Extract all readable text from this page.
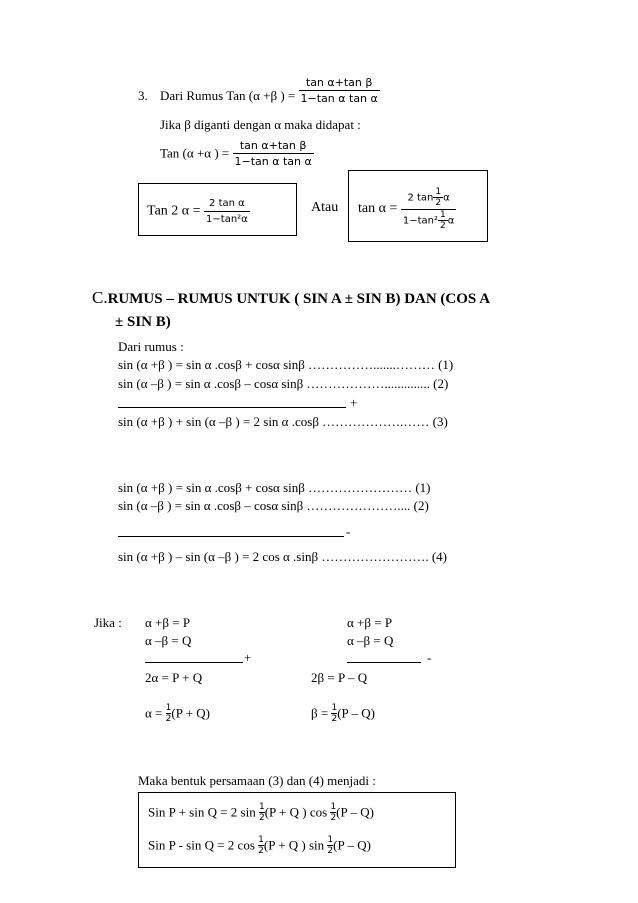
3. Dari Rumus Tan (α +β ) = $\frac{\text{tan α+tan β}}{\text{1−tan α tan α}}$
Jika β diganti dengan α maka didapat :
Tan (α +α ) = $\frac{\text{tan α+tan β}}{\text{1−tan α tan α}}$
Tan 2 $\alpha = \frac{\text{2 tan α}}{\text{1−tan²α}}$	Atau $\tan \alpha = \frac{2 \tan \frac{1}{2} \alpha}{1-\tan^2 \frac{1}{2} \alpha}$
C.RUMUS – RUMUS UNTUK ( SIN A ± SIN B) DAN (COS A
± SIN B)
Dari rumus :
sin (α +β ) = sin α .cosβ + cosα sinβ …………….......……… (1)
sin (α –β ) = sin α .cosβ – cosα sinβ ……………….............. (2)
+
sin (α +β ) + sin (α –β ) = 2 sin α .cosβ ……………….…… (3)
sin (α +β ) = sin α .cosβ + cosα sinβ …………………… (1)
sin (α –β ) = sin α .cosβ – cosα sinβ ………………….... (2)
-
sin (α +β ) – sin (α –β ) = 2 cos α .sinβ ……………………. (4)
Jika : α +β = P
α –β = Q
+
2α = P + Q
$\alpha = \frac{1}{2} (P + Q)$
α +β = P
α –β = Q
-
2β = P – Q
$\beta = \frac{1}{2} (P - Q)$
Maka bentuk persamaan (3) dan (4) menjadi :
Sin P + sin Q = 2 $\sin \frac{1}{2} (P + Q$ ) $\cos \frac{1}{2} (P - Q)$
Sin P - sin Q = 2 $\cos \frac{1}{2} (P + Q$ ) $\sin \frac{1}{2} (P - Q)$
